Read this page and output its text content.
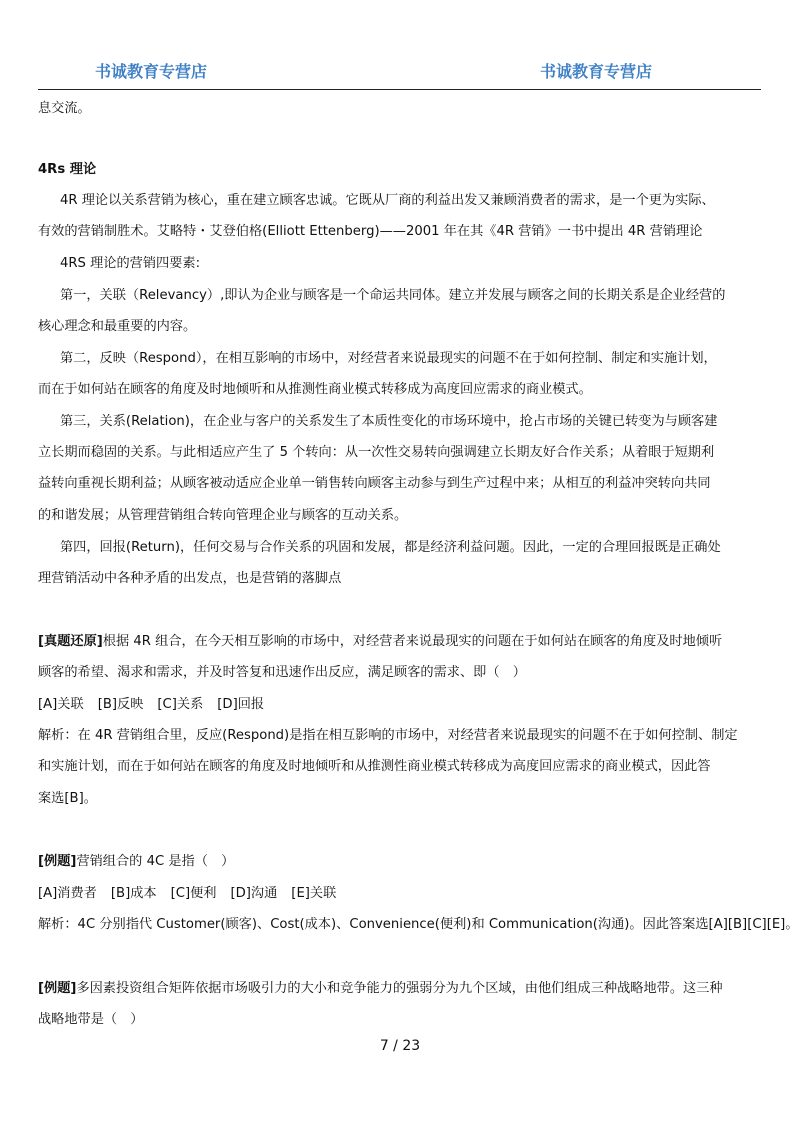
书诚教育专营店	书诚教育专营店
息交流。
4Rs 理论
4R 理论以关系营销为核心，重在建立顾客忠诚。它既从厂商的利益出发又兼顾消费者的需求，是一个更为实际、
有效的营销制胜术。艾略特・艾登伯格(Elliott Ettenberg)——2001 年在其《4R 营销》一书中提出 4R 营销理论
4RS 理论的营销四要素:
第一，关联（Relevancy）,即认为企业与顾客是一个命运共同体。建立并发展与顾客之间的长期关系是企业经营的
核心理念和最重要的内容。
第二，反映（Respond），在相互影响的市场中，对经营者来说最现实的问题不在于如何控制、制定和实施计划，
而在于如何站在顾客的角度及时地倾听和从推测性商业模式转移成为高度回应需求的商业模式。
第三，关系(Relation)，在企业与客户的关系发生了本质性变化的市场环境中，抢占市场的关键已转变为与顾客建
立长期而稳固的关系。与此相适应产生了 5 个转向：从一次性交易转向强调建立长期友好合作关系；从着眼于短期利
益转向重视长期利益；从顾客被动适应企业单一销售转向顾客主动参与到生产过程中来；从相互的利益冲突转向共同
的和谐发展；从管理营销组合转向管理企业与顾客的互动关系。
第四，回报(Return)，任何交易与合作关系的巩固和发展，都是经济利益问题。因此，一定的合理回报既是正确处
理营销活动中各种矛盾的出发点，也是营销的落脚点
[真题还原]根据 4R 组合，在今天相互影响的市场中，对经营者来说最现实的问题在于如何站在顾客的角度及时地倾听
顾客的希望、渴求和需求，并及时答复和迅速作出反应，满足顾客的需求、即（　）
[A]关联 [B]反映 [C]关系 [D]回报
解析：在 4R 营销组合里，反应(Respond)是指在相互影响的市场中，对经营者来说最现实的问题不在于如何控制、制定
和实施计划，而在于如何站在顾客的角度及时地倾听和从推测性商业模式转移成为高度回应需求的商业模式，因此答
案选[B]。
[例题]营销组合的 4C 是指（　）
[A]消费者 [B]成本 [C]便利 [D]沟通 [E]关联
解析：4C 分别指代 Customer(顾客)、Cost(成本)、Convenience(便利)和 Communication(沟通)。因此答案选[A][B][C][E]。
[例题]多因素投资组合矩阵依据市场吸引力的大小和竞争能力的强弱分为九个区域，由他们组成三种战略地带。这三种
战略地带是（　）
7 / 23
